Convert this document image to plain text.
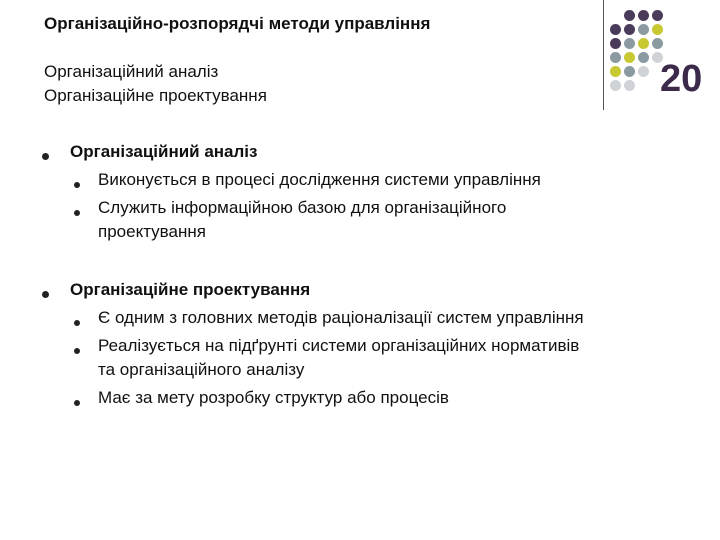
Організаційно-розпорядчі методи управління
Організаційний аналіз
Організаційне проектування	20
Організаційний аналіз
Виконується в процесі дослідження системи управління
Служить інформаційною базою для організаційного
проектування
Організаційне проектування
Є одним з головних методів раціоналізації систем управління
Реалізується на підґрунті системи організаційних нормативів
та організаційного аналізу
Має за мету розробку структур або процесів
